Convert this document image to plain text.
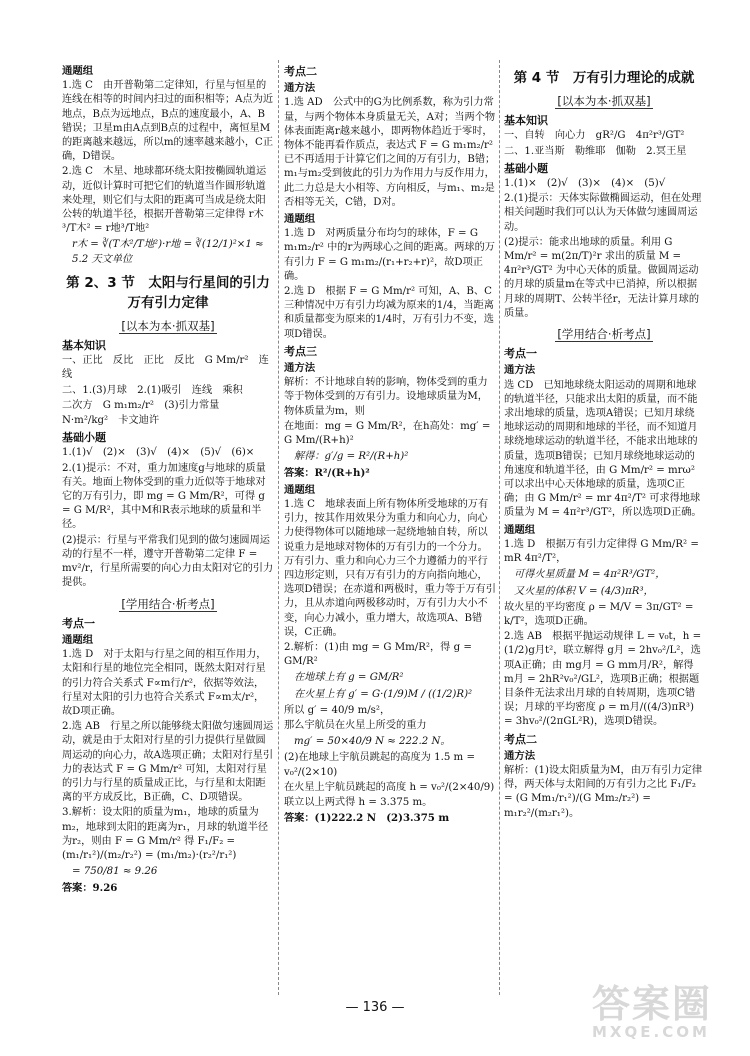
通题组

1.选 C　由开普勒第二定律知，行星与恒星的连线在相等的时间内扫过的面积相等；A点为近地点，B点为远地点，B点的速度最小，A、B错误；卫星m由A点到B点的过程中，离恒星M的距离越来越远，所以m的速率越来越小，C正确，D错误。

2.选 C　木星、地球都环绕太阳按椭圆轨道运动，近似计算时可把它们的轨道当作圆形轨道来处理，则它们与太阳的距离可当成是绕太阳公转的轨道半径，根据开普勒第三定律得 r木³/T木² = r地³/T地²

r木 = ∛(T木²/T地²)·r地 = ∛(12/1)²×1 ≈ 5.2 天文单位

第 2、3 节　太阳与行星间的引力
万有引力定律
[以本为本·抓双基]
基本知识

一、正比　反比　正比　反比　G Mm/r²　连线

二、1.(3)月球　2.(1)吸引　连线　乘积

二次方　G m₁m₂/r²　(3)引力常量

N·m²/kg²　卡文迪许

基础小题

1.(1)√　(2)×　(3)√　(4)×　(5)√　(6)×

2.(1)提示：不对，重力加速度g与地球的质量有关。地面上物体受到的重力近似等于地球对它的万有引力，即 mg = G Mm/R²，可得 g = G M/R²，其中M和R表示地球的质量和半径。

(2)提示：行星与平常我们见到的做匀速圆周运动的行星不一样，遵守开普勒第二定律 F = mv²/r，行星所需要的向心力由太阳对它的引力提供。

[学用结合·析考点]
考点一
通题组

1.选 D　对于太阳与行星之间的相互作用力，太阳和行星的地位完全相同，既然太阳对行星的引力符合关系式 F∝m行/r²，依据等效法，行星对太阳的引力也符合关系式 F∝m太/r²，故D项正确。

2.选 AB　行星之所以能够绕太阳做匀速圆周运动，就是由于太阳对行星的引力提供行星做圆周运动的向心力，故A选项正确；太阳对行星引力的表达式 F = G Mm/r² 可知，太阳对行星的引力与行星的质量成正比，与行星和太阳距离的平方成反比，B正确，C、D项错误。

3.解析：设太阳的质量为m₁，地球的质量为m₂，地球到太阳的距离为r₁，月球的轨道半径为r₂，则由 F = G Mm/r² 得 F₁/F₂ = (m₁/r₁²)/(m₂/r₂²) = (m₁/m₂)·(r₂²/r₁²)

= 750/81 ≈ 9.26

答案：9.26

考点二
通方法

1.选 AD　公式中的G为比例系数，称为引力常量，与两个物体本身质量无关，A对；当两个物体表面距离r越来越小，即两物体趋近于零时，物体不能再看作质点，表达式 F = G m₁m₂/r² 已不再适用于计算它们之间的万有引力，B错；m₁与m₂受到彼此的引力为作用力与反作用力，此二力总是大小相等、方向相反，与m₁、m₂是否相等无关，C错，D对。

通题组

1.选 D　对两质量分布均匀的球体，F = G m₁m₂/r² 中的r为两球心之间的距离。两球的万有引力 F = G m₁m₂/(r₁+r₂+r)²，故D项正确。

2.选 D　根据 F = G Mm/r² 可知，A、B、C三种情况中万有引力均减为原来的1/4，当距离和质量都变为原来的1/4时，万有引力不变，选项D错误。

考点三
通方法

解析：不计地球自转的影响，物体受到的重力等于物体受到的万有引力。设地球质量为M，物体质量为m，则

在地面：mg = G Mm/R²，在h高处：mg′ = G Mm/(R+h)²

解得：g′/g = R²/(R+h)²

答案：R²/(R+h)²

通题组

1.选 C　地球表面上所有物体所受地球的万有引力，按其作用效果分为重力和向心力，向心力使得物体可以随地球一起绕地轴自转，所以说重力是地球对物体的万有引力的一个分力。万有引力、重力和向心力三个力遵循力的平行四边形定则，只有万有引力的方向指向地心，选项D错误；在赤道和两极时，重力等于万有引力，且从赤道向两极移动时，万有引力大小不变，向心力减小，重力增大，故选项A、B错误，C正确。

2.解析：(1)由 mg = G Mm/R²，得 g = GM/R²

在地球上有 g = GM/R²

在火星上有 g′ = G·(1/9)M / ((1/2)R)²

所以 g′ = 40/9 m/s²，

那么宇航员在火星上所受的重力

mg′ = 50×40/9 N ≈ 222.2 N。

(2)在地球上宇航员跳起的高度为 1.5 m = v₀²/(2×10)

在火星上宇航员跳起的高度 h = v₀²/(2×40/9)

联立以上两式得 h = 3.375 m。

答案：(1)222.2 N　(2)3.375 m

第 4 节　万有引力理论的成就
[以本为本·抓双基]
基本知识

一、自转　向心力　gR²/G　4π²r³/GT²

二、1.亚当斯　勒维耶　伽勒　2.冥王星

基础小题

1.(1)×　(2)√　(3)×　(4)×　(5)√

2.(1)提示：天体实际做椭圆运动，但在处理相关问题时我们可以认为天体做匀速圆周运动。

(2)提示：能求出地球的质量。利用 G Mm/r² = m(2π/T)²r 求出的质量 M = 4π²r³/GT² 为中心天体的质量。做圆周运动的月球的质量m在等式中已消掉，所以根据月球的周期T、公转半径r，无法计算月球的质量。

[学用结合·析考点]
考点一
通方法

选 CD　已知地球绕太阳运动的周期和地球的轨道半径，只能求出太阳的质量，而不能求出地球的质量，选项A错误；已知月球绕地球运动的周期和地球的半径，而不知道月球绕地球运动的轨道半径，不能求出地球的质量，选项B错误；已知月球绕地球运动的角速度和轨道半径，由 G Mm/r² = mrω² 可以求出中心天体地球的质量，选项C正确；由 G Mm/r² = mr 4π²/T² 可求得地球质量为 M = 4π²r³/GT²，所以选项D正确。

通题组

1.选 D　根据万有引力定律得 G Mm/R² = mR 4π²/T²，

可得火星质量 M = 4π²R³/GT²，

又火星的体积 V = (4/3)πR³，

故火星的平均密度 ρ = M/V = 3π/GT² = k/T²，选项D正确。

2.选 AB　根据平抛运动规律 L = v₀t，h = (1/2)g月t²，联立解得 g月 = 2hv₀²/L²，选项A正确；由 mg月 = G mm月/R²，解得 m月 = 2hR²v₀²/GL²，选项B正确；根据题目条件无法求出月球的自转周期，选项C错误；月球的平均密度 ρ = m月/((4/3)πR³) = 3hv₀²/(2πGL²R)，选项D错误。

考点二
通方法

解析：(1)设太阳质量为M，由万有引力定律得，两天体与太阳间的万有引力之比 F₁/F₂ = (G Mm₁/r₁²)/(G Mm₂/r₂²) = m₁r₂²/(m₂r₁²)。

— 136 —	答案圈
MXQE.COM
